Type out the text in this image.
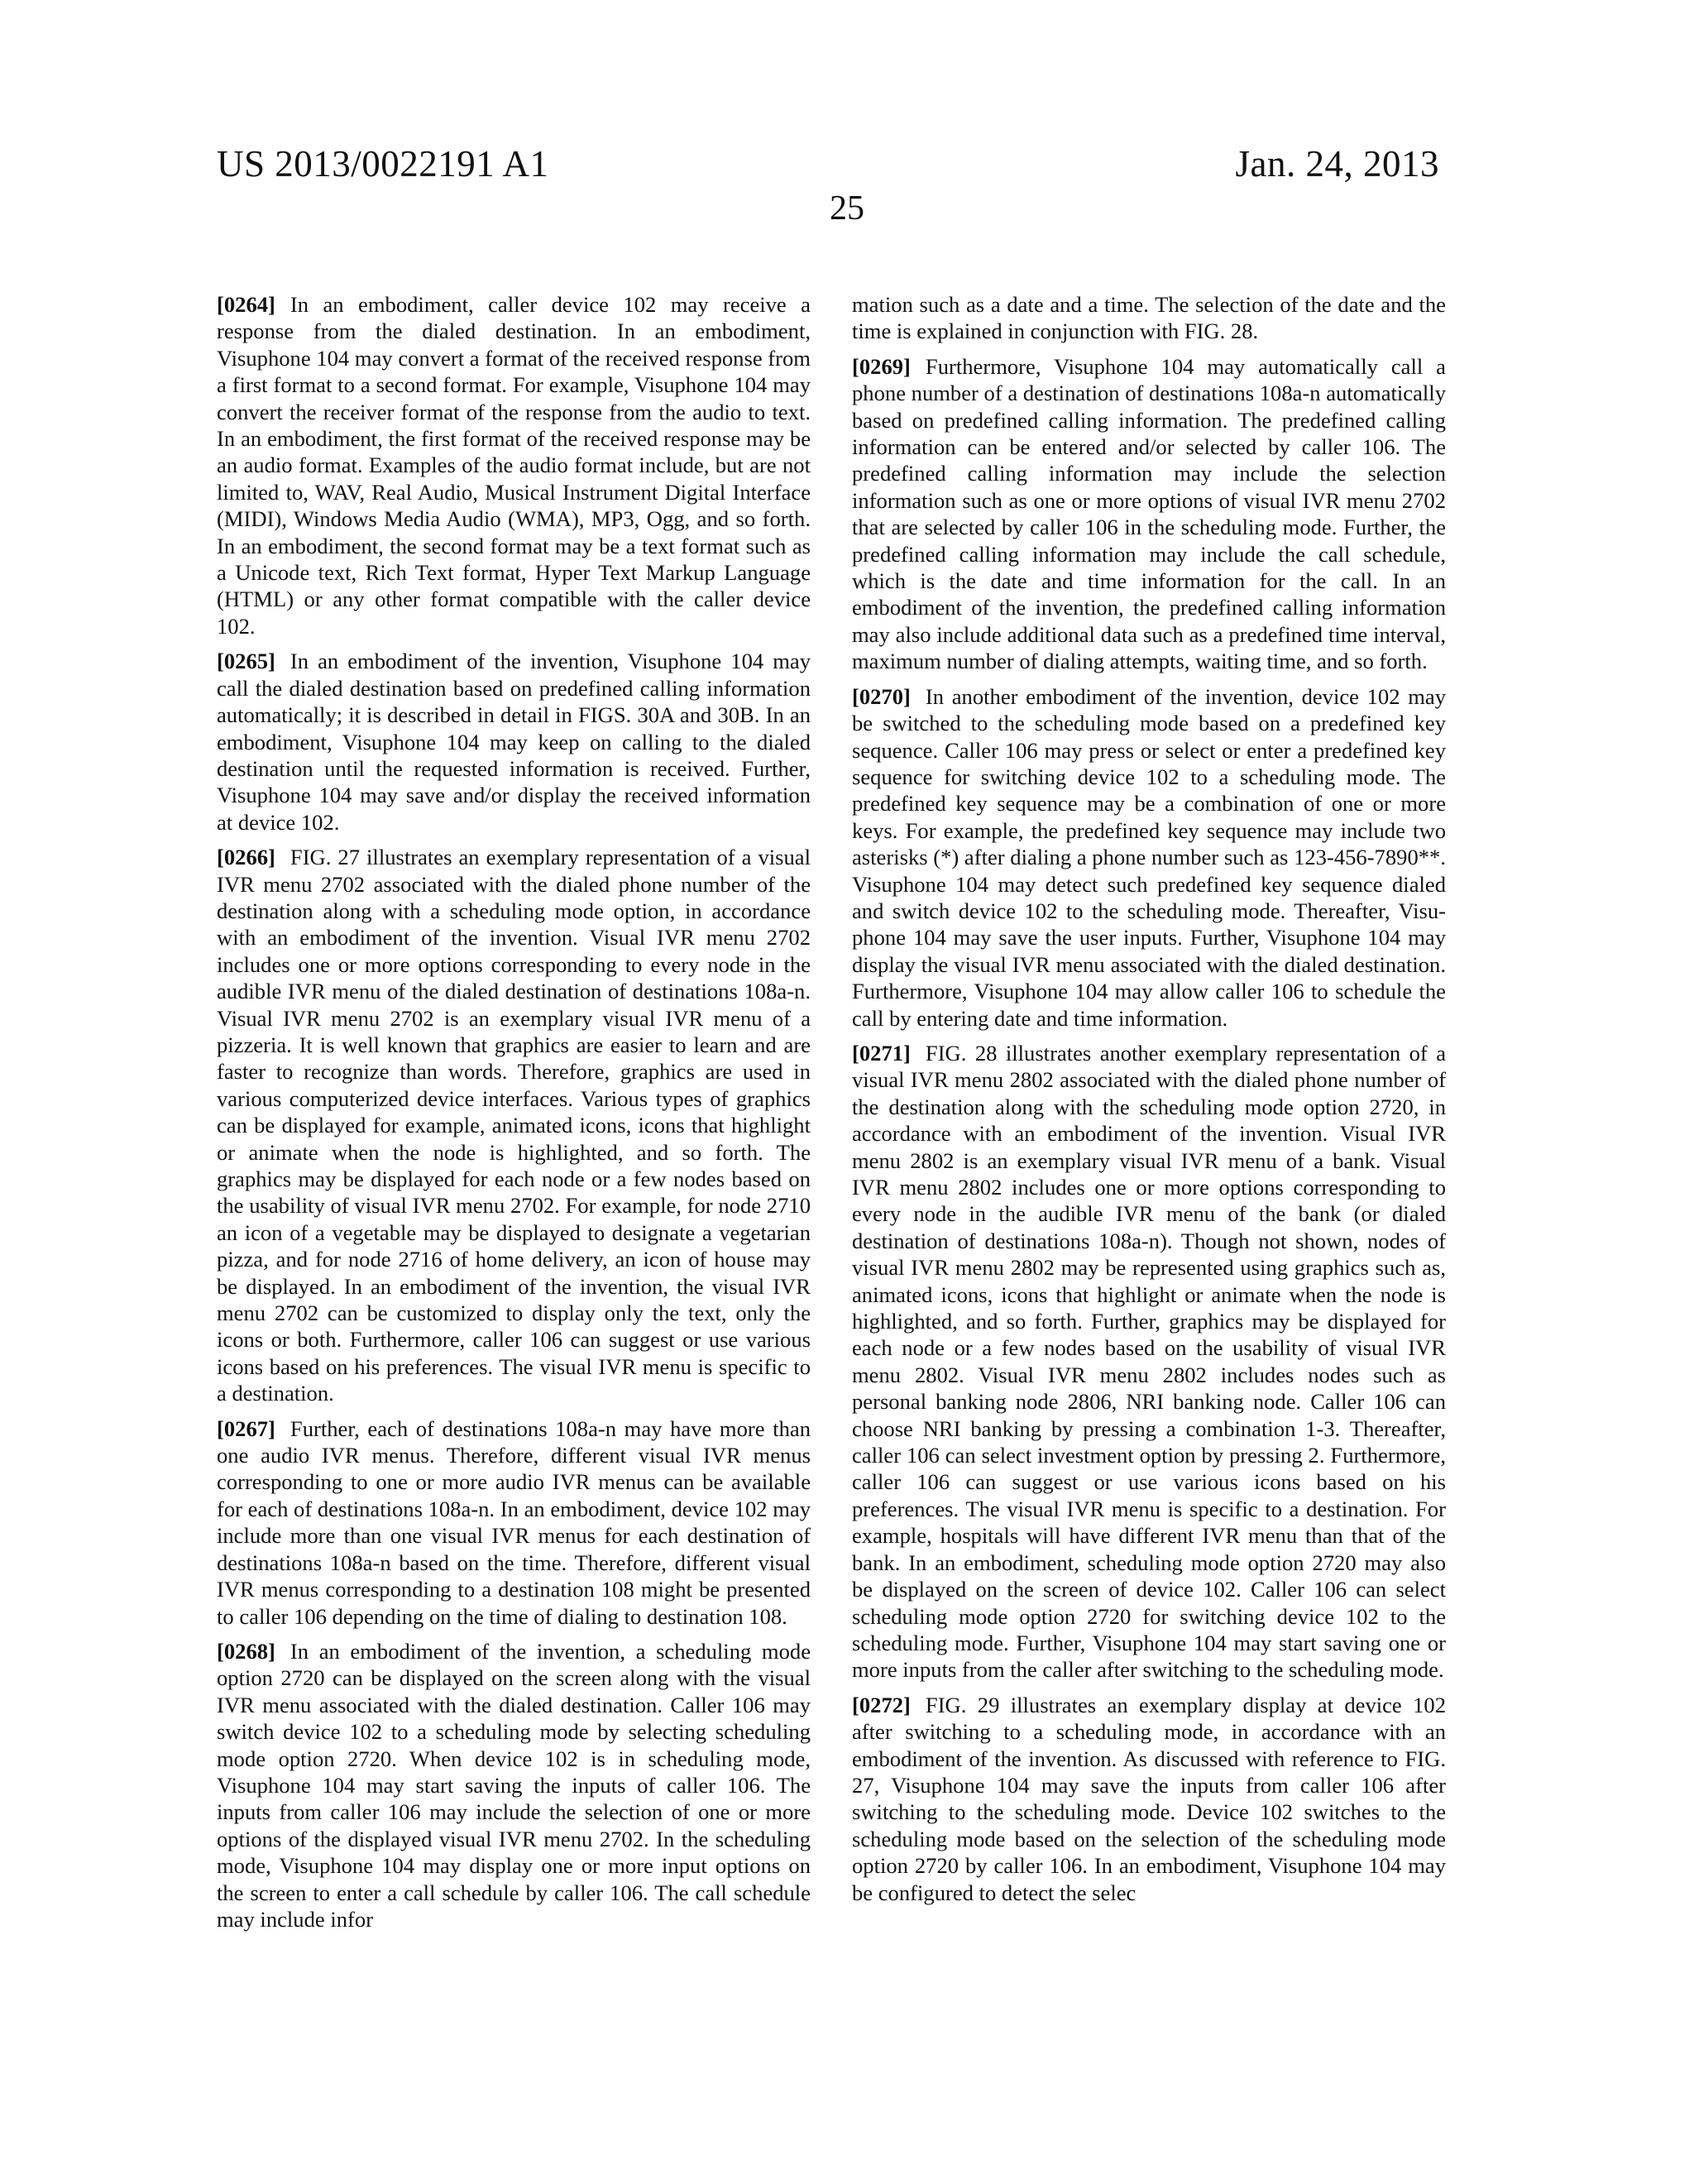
US 2013/0022191 A1	Jan. 24, 2013
25

[0264] In an embodiment, caller device 102 may receive a response from the dialed destination. In an embodiment, Visuphone 104 may convert a format of the received response from a first format to a second format. For example, Visuphone 104 may convert the receiver format of the response from the audio to text. In an embodiment, the first format of the received response may be an audio format. Examples of the audio format include, but are not limited to, WAV, Real Audio, Musical Instrument Digital Interface (MIDI), Windows Media Audio (WMA), MP3, Ogg, and so forth. In an embodiment, the second format may be a text format such as a Unicode text, Rich Text format, Hyper Text Markup Language (HTML) or any other format compatible with the caller device 102.

[0265] In an embodiment of the invention, Visuphone 104 may call the dialed destination based on predefined calling information automatically; it is described in detail in FIGS. 30A and 30B. In an embodiment, Visuphone 104 may keep on calling to the dialed destination until the requested information is received. Further, Visuphone 104 may save and/or display the received information at device 102.

[0266] FIG. 27 illustrates an exemplary representation of a visual IVR menu 2702 associated with the dialed phone number of the destination along with a scheduling mode option, in accordance with an embodiment of the invention. Visual IVR menu 2702 includes one or more options corresponding to every node in the audible IVR menu of the dialed destination of destinations 108a-n. Visual IVR menu 2702 is an exemplary visual IVR menu of a pizzeria. It is well known that graphics are easier to learn and are faster to recognize than words. Therefore, graphics are used in various computerized device interfaces. Various types of graphics can be displayed for example, animated icons, icons that highlight or animate when the node is highlighted, and so forth. The graphics may be displayed for each node or a few nodes based on the usability of visual IVR menu 2702. For example, for node 2710 an icon of a vegetable may be displayed to designate a vegetarian pizza, and for node 2716 of home delivery, an icon of house may be displayed. In an embodiment of the invention, the visual IVR menu 2702 can be customized to display only the text, only the icons or both. Furthermore, caller 106 can suggest or use various icons based on his preferences. The visual IVR menu is specific to a destination.

[0267] Further, each of destinations 108a-n may have more than one audio IVR menus. Therefore, different visual IVR menus corresponding to one or more audio IVR menus can be available for each of destinations 108a-n. In an embodiment, device 102 may include more than one visual IVR menus for each destination of destinations 108a-n based on the time. Therefore, different visual IVR menus corresponding to a destination 108 might be presented to caller 106 depending on the time of dialing to destination 108.

[0268] In an embodiment of the invention, a scheduling mode option 2720 can be displayed on the screen along with the visual IVR menu associated with the dialed destination. Caller 106 may switch device 102 to a scheduling mode by selecting scheduling mode option 2720. When device 102 is in scheduling mode, Visuphone 104 may start saving the inputs of caller 106. The inputs from caller 106 may include the selection of one or more options of the displayed visual IVR menu 2702. In the scheduling mode, Visuphone 104 may display one or more input options on the screen to enter a call schedule by caller 106. The call schedule may include infor

mation such as a date and a time. The selection of the date and the time is explained in conjunction with FIG. 28.

[0269] Furthermore, Visuphone 104 may automatically call a phone number of a destination of destinations 108a-n automatically based on predefined calling information. The predefined calling information can be entered and/or selected by caller 106. The predefined calling information may include the selection information such as one or more options of visual IVR menu 2702 that are selected by caller 106 in the scheduling mode. Further, the predefined calling information may include the call schedule, which is the date and time information for the call. In an embodiment of the invention, the predefined calling information may also include additional data such as a predefined time interval, maximum number of dialing attempts, waiting time, and so forth.

[0270] In another embodiment of the invention, device 102 may be switched to the scheduling mode based on a predefined key sequence. Caller 106 may press or select or enter a predefined key sequence for switching device 102 to a scheduling mode. The predefined key sequence may be a combination of one or more keys. For example, the predefined key sequence may include two asterisks (*) after dialing a phone number such as 123-456-7890**. Visuphone 104 may detect such predefined key sequence dialed and switch device 102 to the scheduling mode. Thereafter, Visuphone 104 may save the user inputs. Further, Visuphone 104 may display the visual IVR menu associated with the dialed destination. Furthermore, Visuphone 104 may allow caller 106 to schedule the call by entering date and time information.

[0271] FIG. 28 illustrates another exemplary representation of a visual IVR menu 2802 associated with the dialed phone number of the destination along with the scheduling mode option 2720, in accordance with an embodiment of the invention. Visual IVR menu 2802 is an exemplary visual IVR menu of a bank. Visual IVR menu 2802 includes one or more options corresponding to every node in the audible IVR menu of the bank (or dialed destination of destinations 108a-n). Though not shown, nodes of visual IVR menu 2802 may be represented using graphics such as, animated icons, icons that highlight or animate when the node is highlighted, and so forth. Further, graphics may be displayed for each node or a few nodes based on the usability of visual IVR menu 2802. Visual IVR menu 2802 includes nodes such as personal banking node 2806, NRI banking node. Caller 106 can choose NRI banking by pressing a combination 1-3. Thereafter, caller 106 can select investment option by pressing 2. Furthermore, caller 106 can suggest or use various icons based on his preferences. The visual IVR menu is specific to a destination. For example, hospitals will have different IVR menu than that of the bank. In an embodiment, scheduling mode option 2720 may also be displayed on the screen of device 102. Caller 106 can select scheduling mode option 2720 for switching device 102 to the scheduling mode. Further, Visuphone 104 may start saving one or more inputs from the caller after switching to the scheduling mode.

[0272] FIG. 29 illustrates an exemplary display at device 102 after switching to a scheduling mode, in accordance with an embodiment of the invention. As discussed with reference to FIG. 27, Visuphone 104 may save the inputs from caller 106 after switching to the scheduling mode. Device 102 switches to the scheduling mode based on the selection of the scheduling mode option 2720 by caller 106. In an embodiment, Visuphone 104 may be configured to detect the selec
